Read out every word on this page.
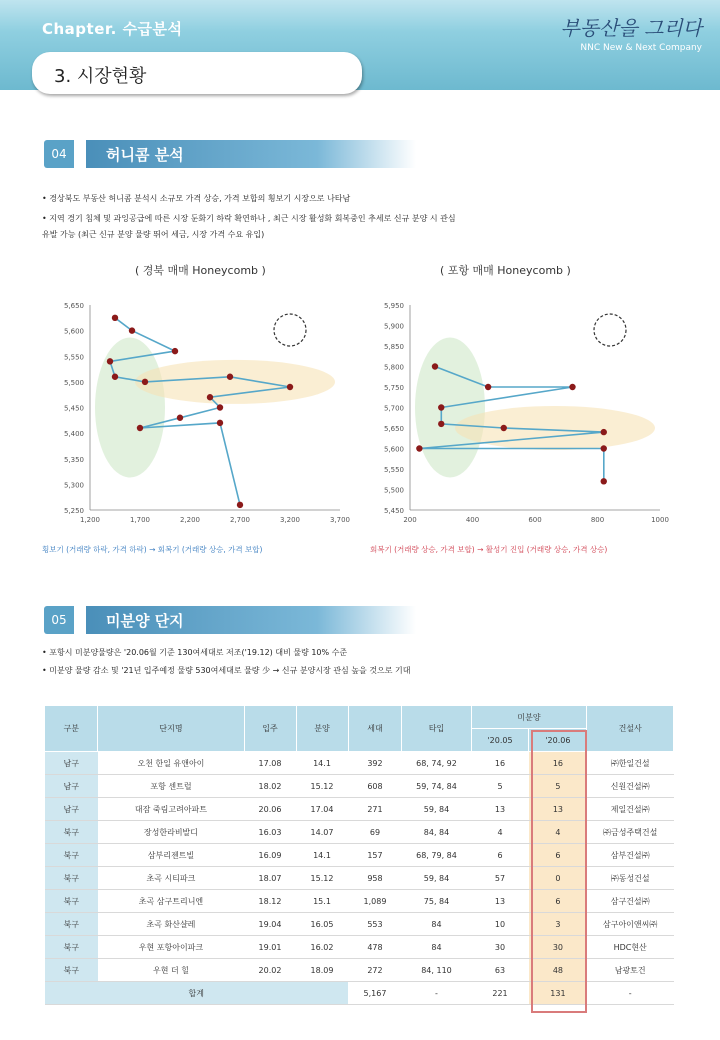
Chapter. 수급분석	부동산을 그리다
NNC New & Next Company
3. 시장현황
04	허니콤 분석
• 경상북도 부동산 허니콤 분석시 소규모 가격 상승, 가격 보합의 횡보기 시장으로 나타남
• 지역 경기 침체 및 과잉공급에 따른 시장 둔화기 하락 확연하나 , 최근 시장 활성화 회복중인 추세로 신규 분양 시 관심
유발 가능 (최근 신규 분양 물량 뛰어 세금, 시장 가격 수요 유입)
( 경북 매매 Honeycomb )	( 포항 매매 Honeycomb )
5,250
5,300
5,350
5,400
5,450
5,500
5,550
5,600
5,650
1,200	1,700	2,200	2,700	3,200	3,700
5,450
5,500
5,550
5,600
5,650
5,700
5,750
5,800
5,850
5,900
5,950
200	400	600	800	1000
횡보기 (거래량 하락, 가격 하락) → 회복기 (거래량 상승, 가격 보합)	회복기 (거래량 상승, 가격 보합) → 활성기 진입 (거래량 상승, 가격 상승)
05	미분양 단지
• 포항시 미분양물량은 '20.06월 기준 130여세대로 저조('19.12) 대비 물량 10% 수준
• 미분양 물량 감소 및 '21년 입주예정 물량 530여세대로 물량 少 → 신규 분양시장 관심 높을 것으로 기대
구분	단지명	입주	분양	세대	타입	미분양		건설사
						'20.05	'20.06	
남구	오천 한일 유앤아이	17.08	14.1	392	68, 74, 92	16	16	㈜한일건설
남구	포항 센트럴	18.02	15.12	608	59, 74, 84	5	5	신원건설㈜
남구	대잠 죽림고려아파트	20.06	17.04	271	59, 84	13	13	제일건설㈜
북구	장성한라비발디	16.03	14.07	69	84, 84	4	4	㈜금성주택건설
북구	삼부리젠트빌	16.09	14.1	157	68, 79, 84	6	6	삼부건설㈜
북구	초곡 시티파크	18.07	15.12	958	59, 84	57	0	㈜동성건설
북구	초곡 삼구트리니엔	18.12	15.1	1,089	75, 84	13	6	삼구건설㈜
북구	초곡 화산샬레	19.04	16.05	553	84	10	3	삼구아이앤씨㈜
북구	우현 포항아이파크	19.01	16.02	478	84	30	30	HDC현산
북구	우현 더 힐	20.02	18.09	272	84, 110	63	48	남광토건
합계				5,167	-	221	131	-
